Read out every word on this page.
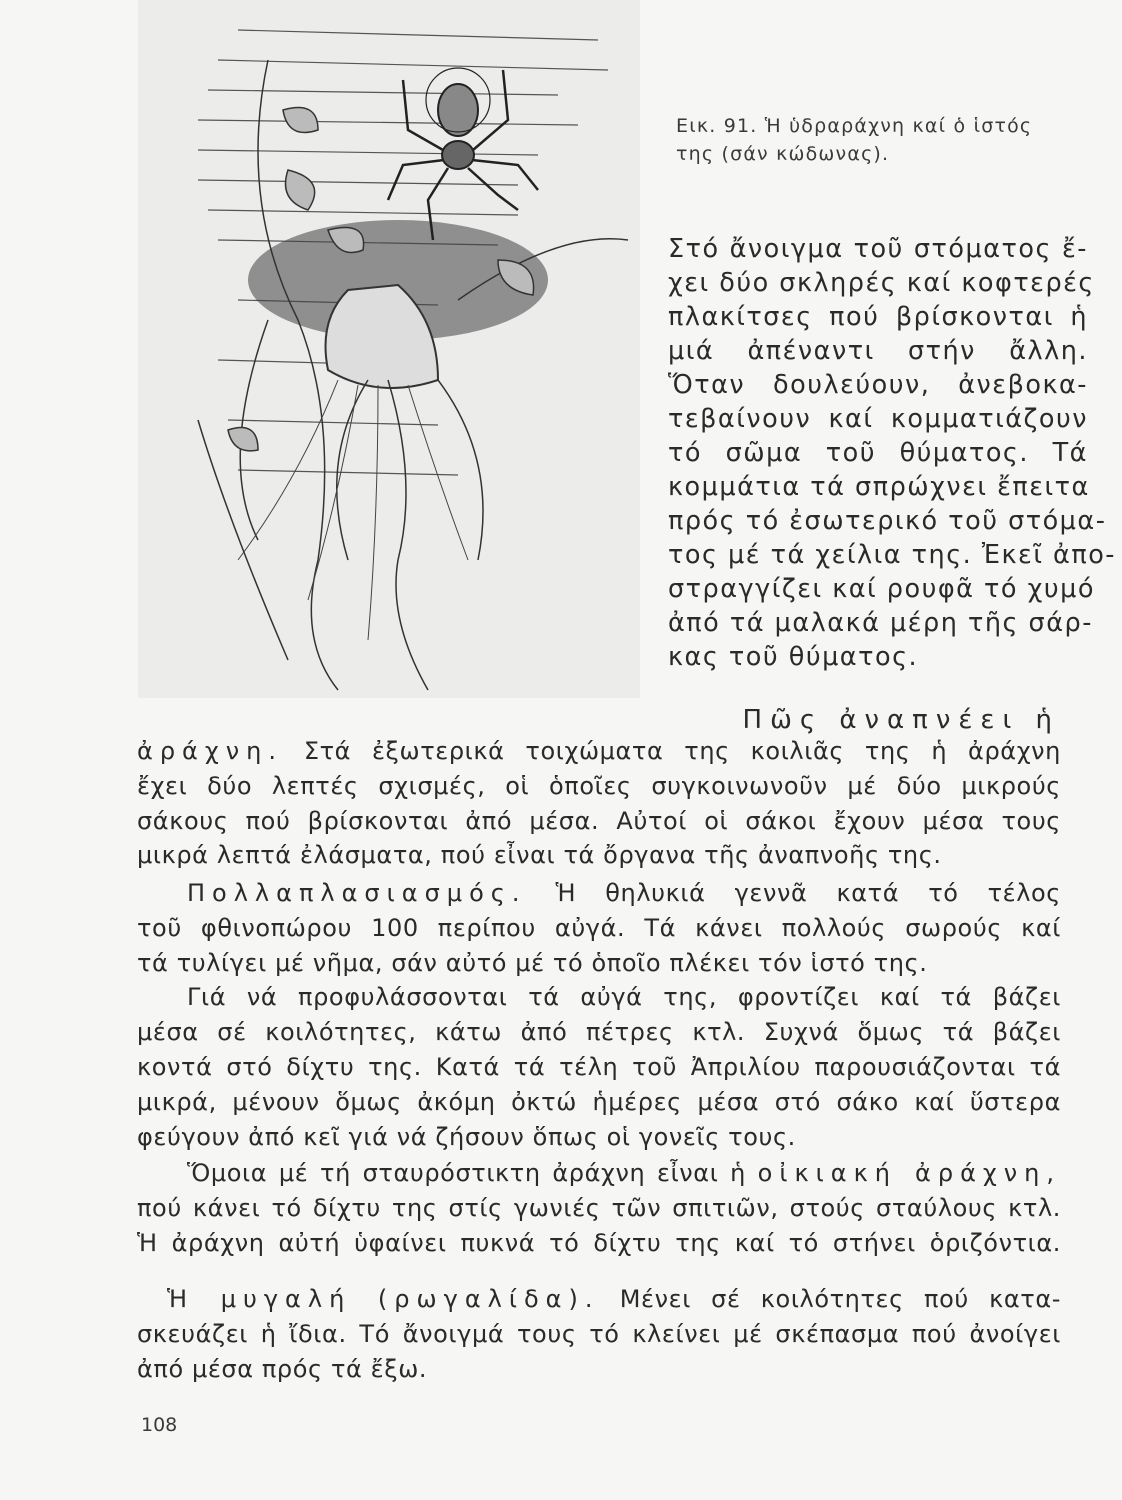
Εικ. 91. Ἡ ὑδραράχνη καί ὁ ἱστός
της (σάν κώδωνας).
Στό ἄνοιγμα τοῦ στόματος ἔ-
χει δύο σκληρές καί κοφτερές
πλακίτσες πού βρίσκονται ἡ
μιά ἀπέναντι στήν ἄλλη.
Ὅταν δουλεύουν, ἀνεβοκα-
τεβαίνουν καί κομματιάζουν
τό σῶμα τοῦ θύματος. Τά
κομμάτια τά σπρώχνει ἔπειτα
πρός τό ἐσωτερικό τοῦ στόμα-
τος μέ τά χείλια της. Ἐκεῖ ἀπο-
στραγγίζει καί ρουφᾶ τό χυμό
ἀπό τά μαλακά μέρη τῆς σάρ-
κας τοῦ θύματος.
Πῶς ἀναπνέει ἡ
ἀράχνη. Στά ἐξωτερικά τοιχώματα της κοιλιᾶς της ἡ ἀράχνη
ἔχει δύο λεπτές σχισμές, οἱ ὁποῖες συγκοινωνοῦν μέ δύο μικρούς
σάκους πού βρίσκονται ἀπό μέσα. Αὐτοί οἱ σάκοι ἔχουν μέσα τους
μικρά λεπτά ἐλάσματα, πού εἶναι τά ὄργανα τῆς ἀναπνοῆς της.
Πολλαπλασιασμός. Ἡ θηλυκιά γεννᾶ κατά τό τέλος
τοῦ φθινοπώρου 100 περίπου αὐγά. Τά κάνει πολλούς σωρούς καί
τά τυλίγει μέ νῆμα, σάν αὐτό μέ τό ὁποῖο πλέκει τόν ἱστό της.
Γιά νά προφυλάσσονται τά αὐγά της, φροντίζει καί τά βάζει
μέσα σέ κοιλότητες, κάτω ἀπό πέτρες κτλ. Συχνά ὅμως τά βάζει
κοντά στό δίχτυ της. Κατά τά τέλη τοῦ Ἀπριλίου παρουσιάζονται τά
μικρά, μένουν ὅμως ἀκόμη ὀκτώ ἡμέρες μέσα στό σάκο καί ὕστερα
φεύγουν ἀπό κεῖ γιά νά ζήσουν ὅπως οἱ γονεῖς τους.
Ὅμοια μέ τή σταυρόστικτη ἀράχνη εἶναι ἡ οἰκιακή ἀράχνη,
πού κάνει τό δίχτυ της στίς γωνιές τῶν σπιτιῶν, στούς σταύλους κτλ.
Ἡ ἀράχνη αὐτή ὑφαίνει πυκνά τό δίχτυ της καί τό στήνει ὁριζόντια.
Ἡ μυγαλή (ρωγαλίδα). Μένει σέ κοιλότητες πού κατα-
σκευάζει ἡ ἴδια. Τό ἄνοιγμά τους τό κλείνει μέ σκέπασμα πού ἀνοίγει
ἀπό μέσα πρός τά ἔξω.
108
